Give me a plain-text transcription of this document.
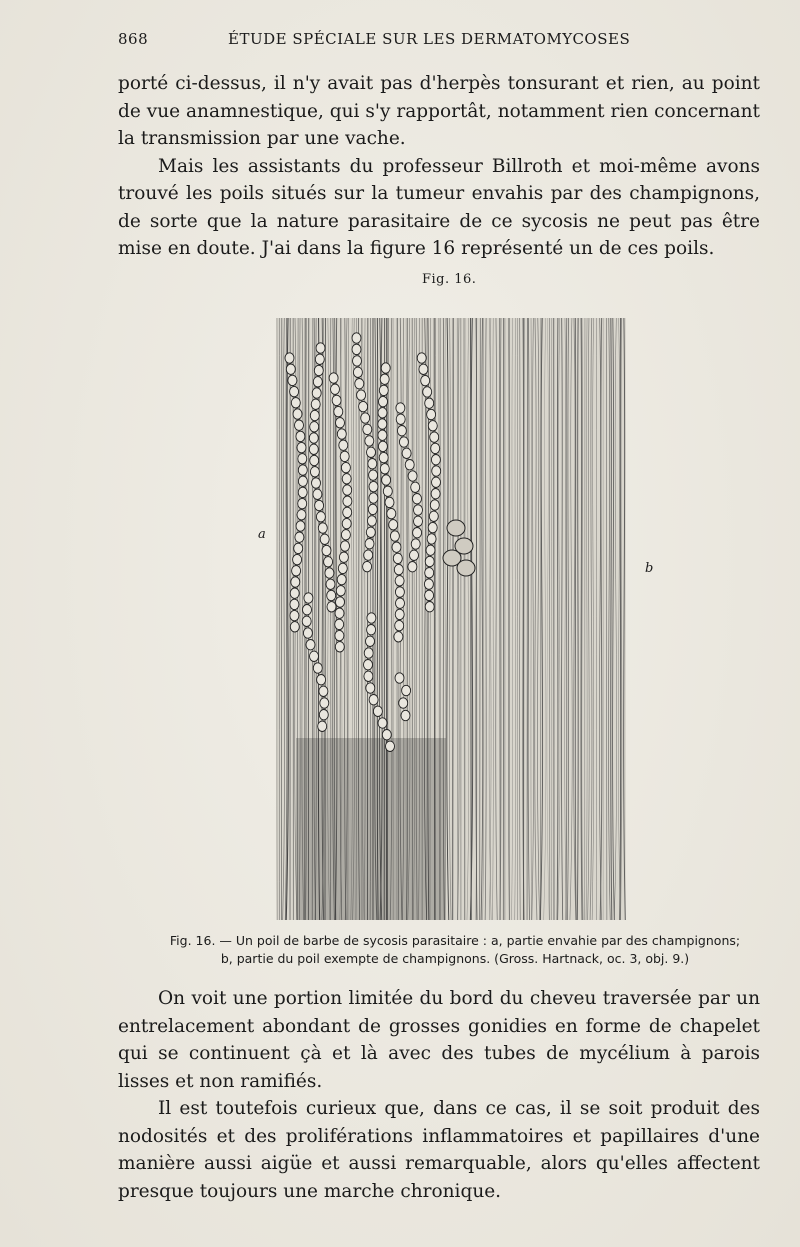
868	ÉTUDE SPÉCIALE SUR LES DERMATOMYCOSES

porté ci-dessus, il n'y avait pas d'herpès tonsurant et rien, au point de vue anamnestique, qui s'y rapportât, notamment rien concernant la transmission par une vache.

Mais les assistants du professeur Billroth et moi-même avons trouvé les poils situés sur la tumeur envahis par des champignons, de sorte que la nature parasitaire de ce sycosis ne peut pas être mise en doute. J'ai dans la figure 16 représenté un de ces poils.

Fig. 16.
a
b

Fig. 16. — Un poil de barbe de sycosis parasitaire : a, partie envahie par des champignons;

b, partie du poil exempte de champignons. (Gross. Hartnack, oc. 3, obj. 9.)

On voit une portion limitée du bord du cheveu traversée par un entrelacement abondant de grosses gonidies en forme de chapelet qui se continuent çà et là avec des tubes de mycélium à parois lisses et non ramifiés.

Il est toutefois curieux que, dans ce cas, il se soit produit des nodosités et des proliférations inflammatoires et papillaires d'une manière aussi aigüe et aussi remarquable, alors qu'elles affectent presque toujours une marche chronique.
